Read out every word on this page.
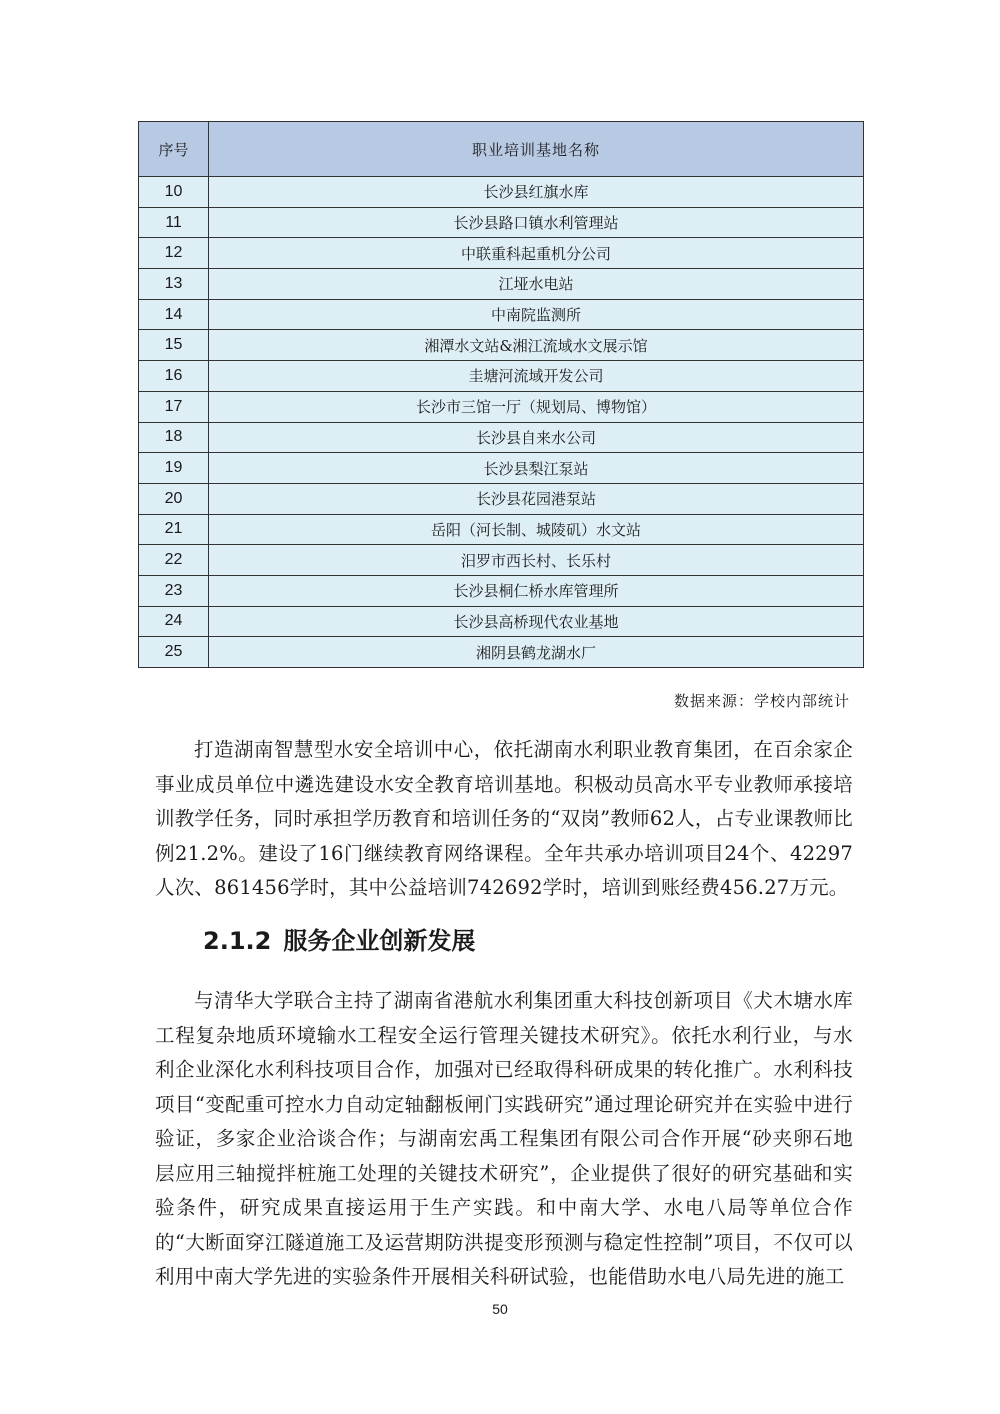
序号	职业培训基地名称
10	长沙县红旗水库
11	长沙县路口镇水利管理站
12	中联重科起重机分公司
13	江垭水电站
14	中南院监测所
15	湘潭水文站&湘江流域水文展示馆
16	圭塘河流域开发公司
17	长沙市三馆一厅（规划局、博物馆）
18	长沙县自来水公司
19	长沙县梨江泵站
20	长沙县花园港泵站
21	岳阳（河长制、城陵矶）水文站
22	汨罗市西长村、长乐村
23	长沙县桐仁桥水库管理所
24	长沙县高桥现代农业基地
25	湘阴县鹤龙湖水厂
数据来源：学校内部统计

打造湖南智慧型水安全培训中心，依托湖南水利职业教育集团，在百余家企事业成员单位中遴选建设水安全教育培训基地。积极动员高水平专业教师承接培训教学任务，同时承担学历教育和培训任务的“双岗”教师62人，占专业课教师比例21.2%。建设了16门继续教育网络课程。全年共承办培训项目24个、42297人次、861456学时，其中公益培训742692学时，培训到账经费456.27万元。

2.1.2 服务企业创新发展

与清华大学联合主持了湖南省港航水利集团重大科技创新项目《犬木塘水库工程复杂地质环境输水工程安全运行管理关键技术研究》。依托水利行业，与水利企业深化水利科技项目合作，加强对已经取得科研成果的转化推广。水利科技项目“变配重可控水力自动定轴翻板闸门实践研究”通过理论研究并在实验中进行验证，多家企业洽谈合作；与湖南宏禹工程集团有限公司合作开展“砂夹卵石地层应用三轴搅拌桩施工处理的关键技术研究”，企业提供了很好的研究基础和实验条件，研究成果直接运用于生产实践。和中南大学、水电八局等单位合作的“大断面穿江隧道施工及运营期防洪提变形预测与稳定性控制”项目，不仅可以利用中南大学先进的实验条件开展相关科研试验，也能借助水电八局先进的施工

50
